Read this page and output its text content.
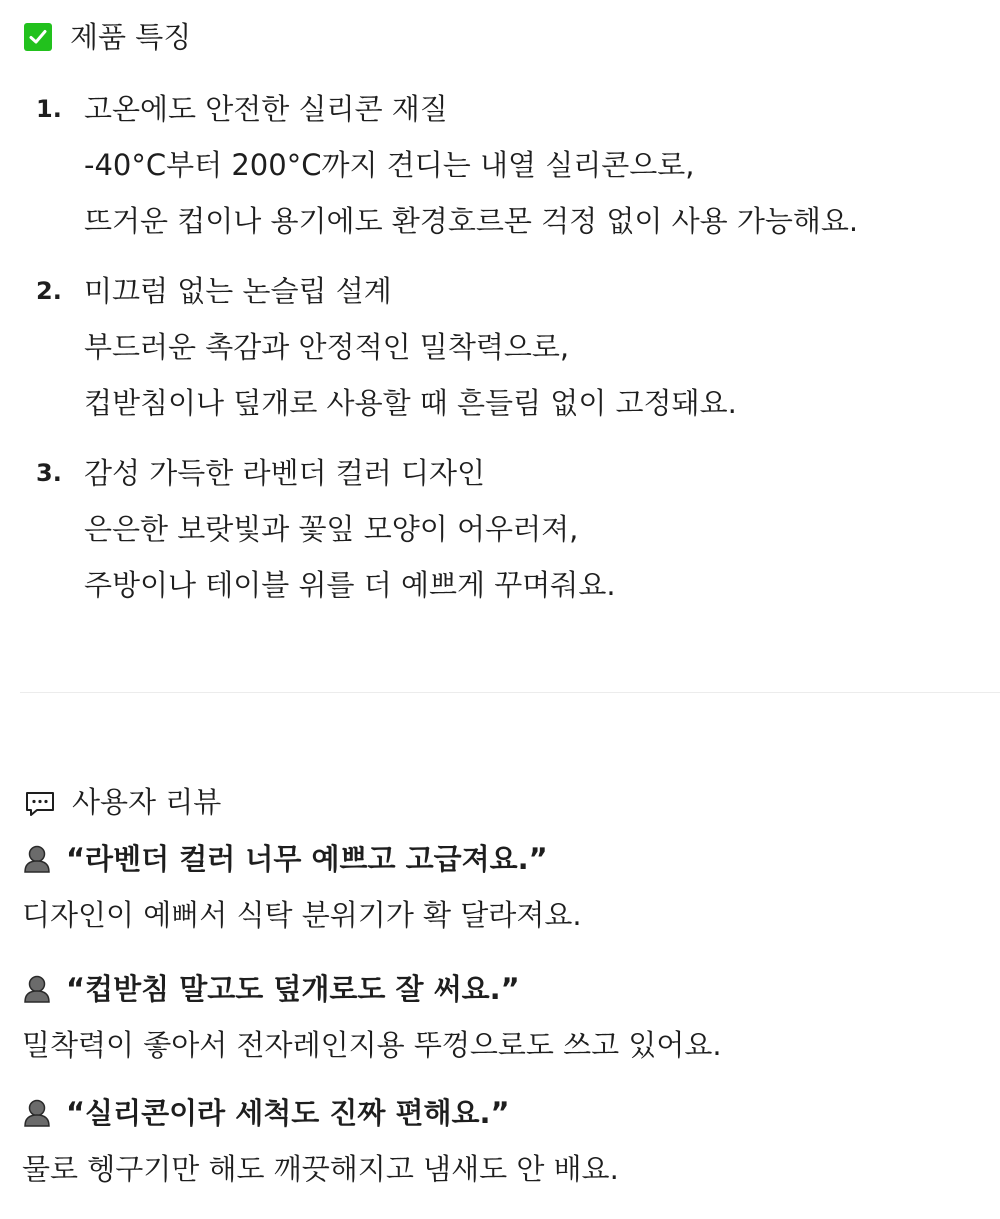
제품 특징
1. 고온에도 안전한 실리콘 재질
-40°C부터 200°C까지 견디는 내열 실리콘으로,
뜨거운 컵이나 용기에도 환경호르몬 걱정 없이 사용 가능해요.
2. 미끄럼 없는 논슬립 설계
부드러운 촉감과 안정적인 밀착력으로,
컵받침이나 덮개로 사용할 때 흔들림 없이 고정돼요.
3. 감성 가득한 라벤더 컬러 디자인
은은한 보랏빛과 꽃잎 모양이 어우러져,
주방이나 테이블 위를 더 예쁘게 꾸며줘요.
사용자 리뷰
“라벤더 컬러 너무 예쁘고 고급져요.”
디자인이 예뻐서 식탁 분위기가 확 달라져요.
“컵받침 말고도 덮개로도 잘 써요.”
밀착력이 좋아서 전자레인지용 뚜껑으로도 쓰고 있어요.
“실리콘이라 세척도 진짜 편해요.”
물로 헹구기만 해도 깨끗해지고 냄새도 안 배요.
